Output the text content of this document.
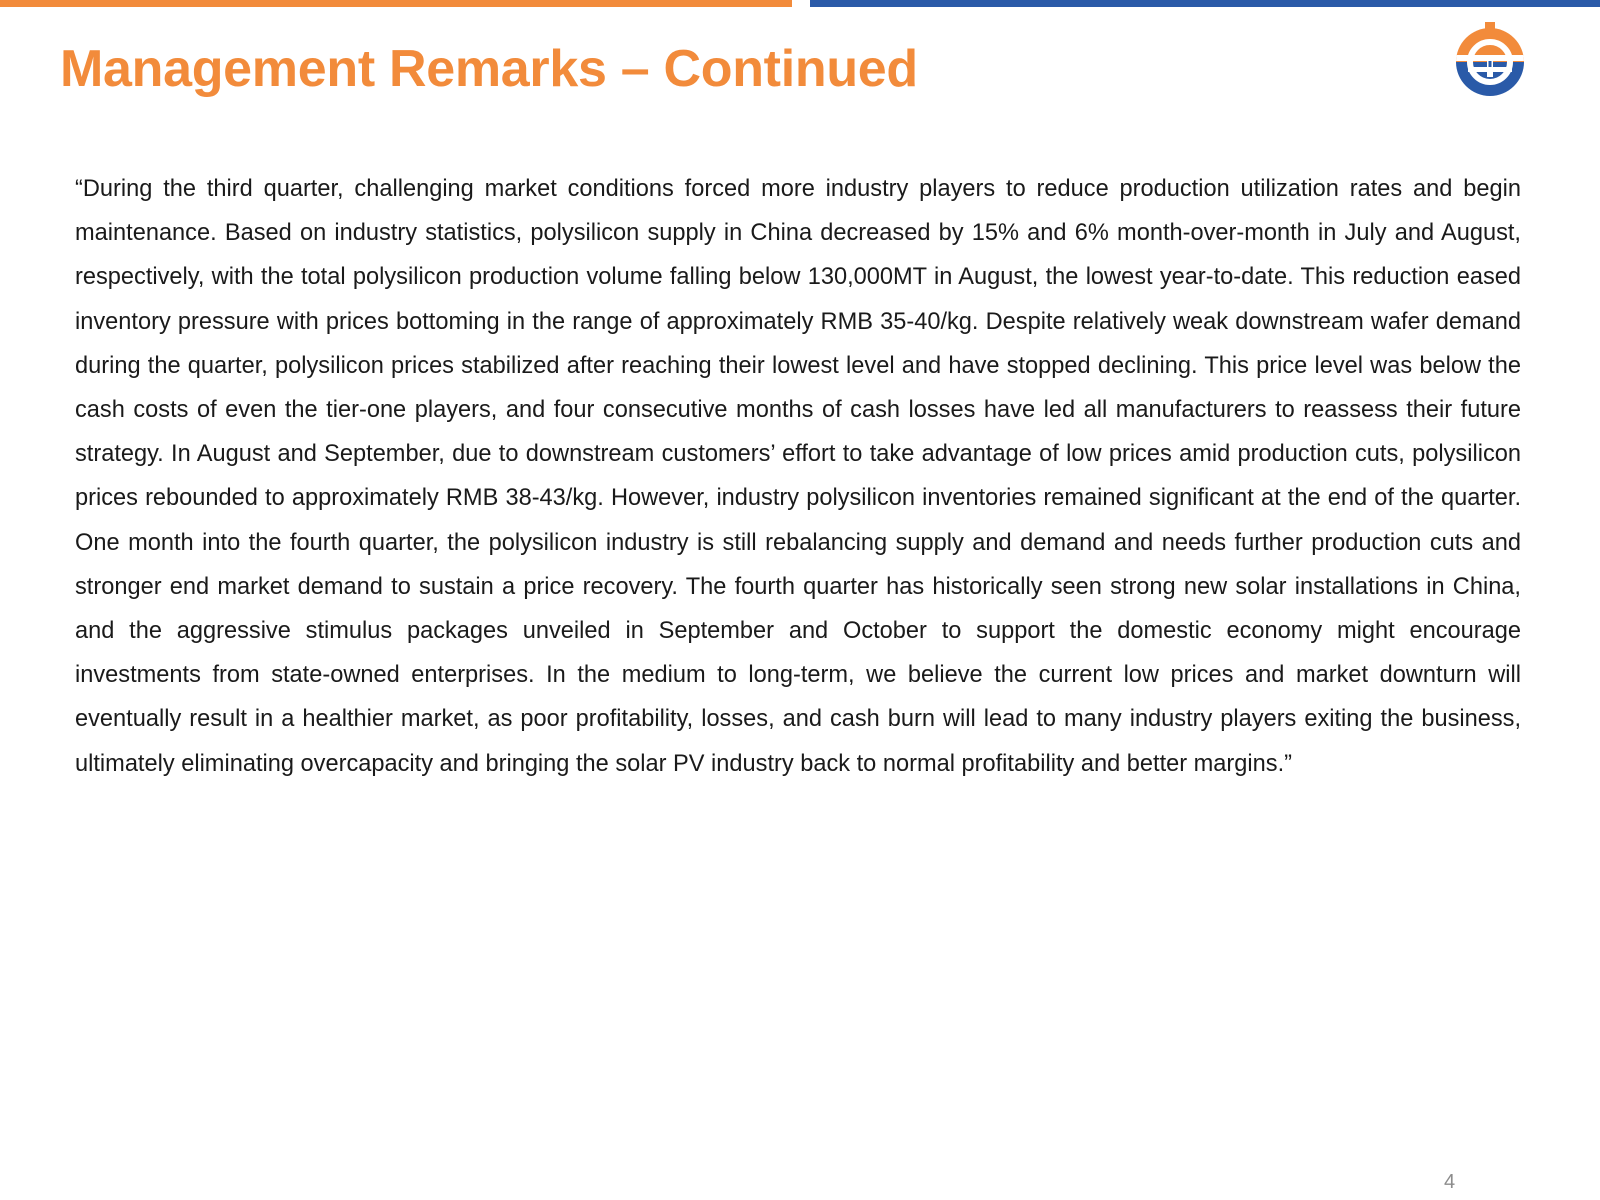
Management Remarks – Continued

“During the third quarter, challenging market conditions forced more industry players to reduce production utilization rates and begin maintenance. Based on industry statistics, polysilicon supply in China decreased by 15% and 6% month-over-month in July and August, respectively, with the total polysilicon production volume falling below 130,000MT in August, the lowest year-to-date. This reduction eased inventory pressure with prices bottoming in the range of approximately RMB 35-40/kg. Despite relatively weak downstream wafer demand during the quarter, polysilicon prices stabilized after reaching their lowest level and have stopped declining. This price level was below the cash costs of even the tier-one players, and four consecutive months of cash losses have led all manufacturers to reassess their future strategy. In August and September, due to downstream customers’ effort to take advantage of low prices amid production cuts, polysilicon prices rebounded to approximately RMB 38-43/kg. However, industry polysilicon inventories remained significant at the end of the quarter. One month into the fourth quarter, the polysilicon industry is still rebalancing supply and demand and needs further production cuts and stronger end market demand to sustain a price recovery. The fourth quarter has historically seen strong new solar installations in China, and the aggressive stimulus packages unveiled in September and October to support the domestic economy might encourage investments from state-owned enterprises. In the medium to long-term, we believe the current low prices and market downturn will eventually result in a healthier market, as poor profitability, losses, and cash burn will lead to many industry players exiting the business, ultimately eliminating overcapacity and bringing the solar PV industry back to normal profitability and better margins.”

4
